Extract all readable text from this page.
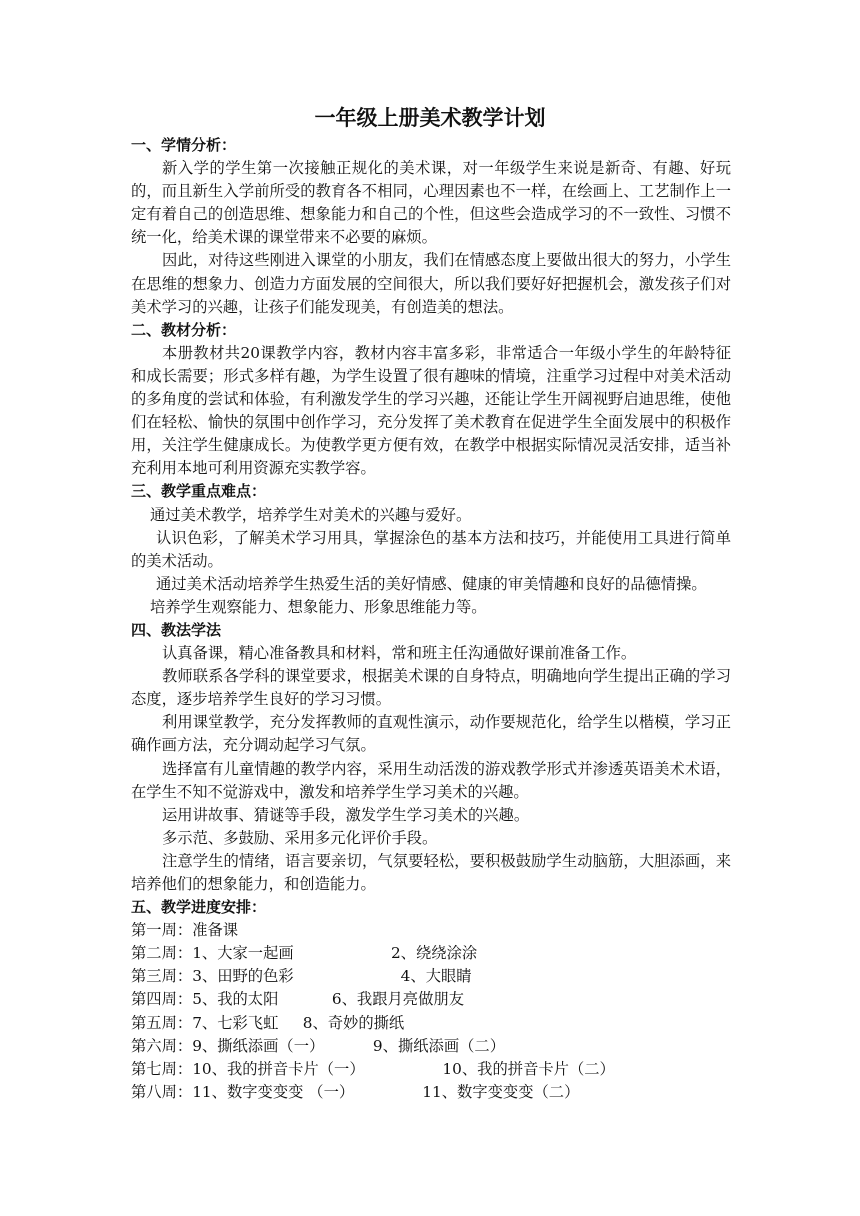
一年级上册美术教学计划

一、学情分析：

新入学的学生第一次接触正规化的美术课，对一年级学生来说是新奇、有趣、好玩的，而且新生入学前所受的教育各不相同，心理因素也不一样，在绘画上、工艺制作上一定有着自己的创造思维、想象能力和自己的个性，但这些会造成学习的不一致性、习惯不统一化，给美术课的课堂带来不必要的麻烦。

因此，对待这些刚进入课堂的小朋友，我们在情感态度上要做出很大的努力，小学生在思维的想象力、创造力方面发展的空间很大，所以我们要好好把握机会，激发孩子们对美术学习的兴趣，让孩子们能发现美，有创造美的想法。

二、教材分析：

本册教材共20课教学内容，教材内容丰富多彩，非常适合一年级小学生的年龄特征和成长需要；形式多样有趣，为学生设置了很有趣味的情境，注重学习过程中对美术活动的多角度的尝试和体验，有利激发学生的学习兴趣，还能让学生开阔视野启迪思维，使他们在轻松、愉快的氛围中创作学习，充分发挥了美术教育在促进学生全面发展中的积极作用，关注学生健康成长。为使教学更方便有效，在教学中根据实际情况灵活安排，适当补充利用本地可利用资源充实教学容。

三、教学重点难点：

通过美术教学，培养学生对美术的兴趣与爱好。

认识色彩，了解美术学习用具，掌握涂色的基本方法和技巧，并能使用工具进行简单的美术活动。

通过美术活动培养学生热爱生活的美好情感、健康的审美情趣和良好的品德情操。

培养学生观察能力、想象能力、形象思维能力等。

四、教法学法

认真备课，精心准备教具和材料，常和班主任沟通做好课前准备工作。

教师联系各学科的课堂要求，根据美术课的自身特点，明确地向学生提出正确的学习态度，逐步培养学生良好的学习习惯。

利用课堂教学，充分发挥教师的直观性演示，动作要规范化，给学生以楷模，学习正确作画方法，充分调动起学习气氛。

选择富有儿童情趣的教学内容，采用生动活泼的游戏教学形式并渗透英语美术术语，在学生不知不觉游戏中，激发和培养学生学习美术的兴趣。

运用讲故事、猜谜等手段，激发学生学习美术的兴趣。

多示范、多鼓励、采用多元化评价手段。

注意学生的情绪，语言要亲切，气氛要轻松，要积极鼓励学生动脑筋，大胆添画，来培养他们的想象能力，和创造能力。

五、教学进度安排：

第一周：准备课

第二周：1、大家一起画                    2、绕绕涂涂

第三周：3、田野的色彩                      4、大眼睛

第四周：5、我的太阳           6、我跟月亮做朋友

第五周：7、七彩飞虹     8、奇妙的撕纸

第六周：9、撕纸添画（一）          9、撕纸添画（二）

第七周：10、我的拼音卡片（一）                10、我的拼音卡片（二）

第八周：11、数字变变变 （一）              11、数字变变变（二）
